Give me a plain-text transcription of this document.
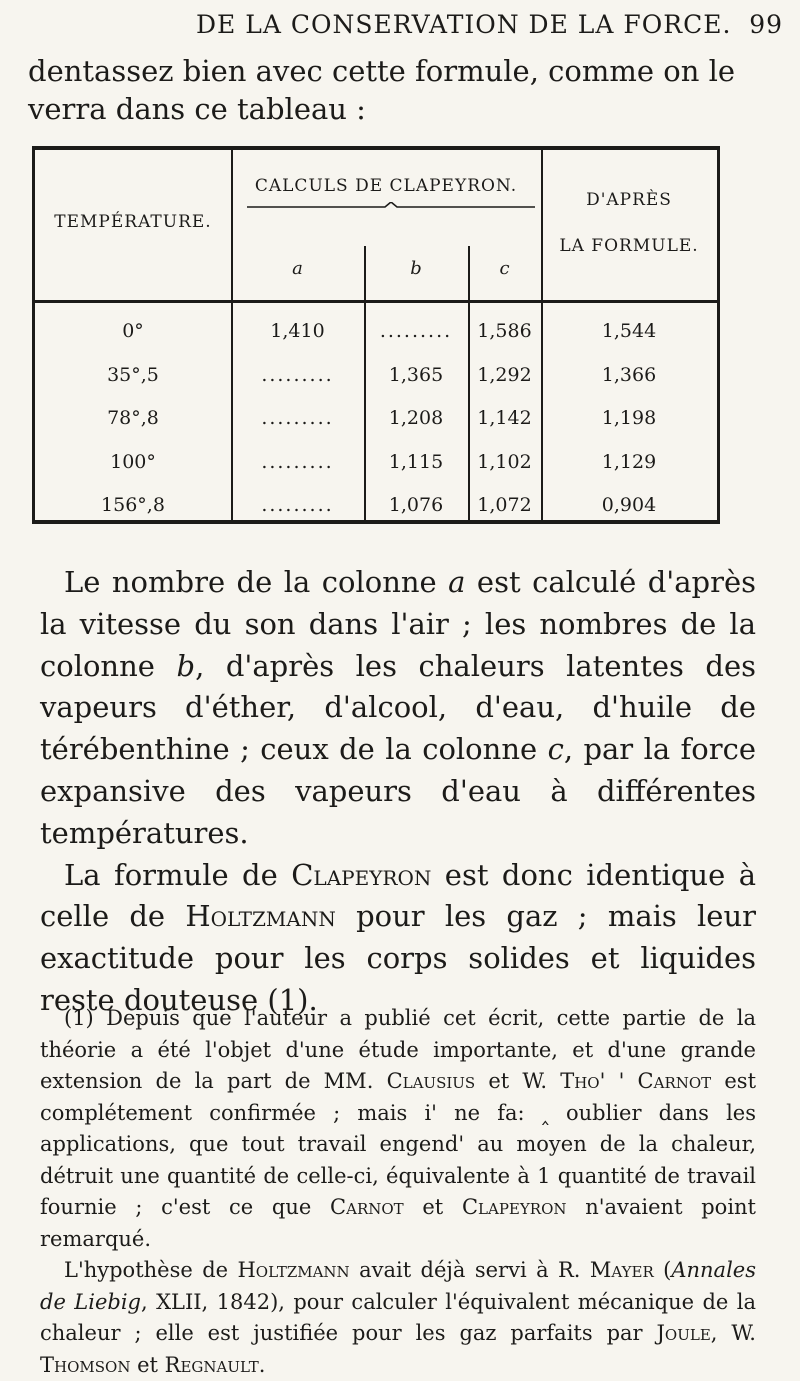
DE LA CONSERVATION DE LA FORCE. 99
dentassez bien avec cette formule, comme on le verra dans ce tableau :
TEMPÉRATURE.
CALCULS DE CLAPEYRON.
a	b	c
D'APRÈS
LA FORMULE.
0°	1,410	.........	1,586	1,544
35°,5	.........	1,365	1,292	1,366
78°,8	.........	1,208	1,142	1,198
100°	.........	1,115	1,102	1,129
156°,8	.........	1,076	1,072	0,904

Le nombre de la colonne a est calculé d'après la vitesse du son dans l'air ; les nombres de la colonne b, d'après les chaleurs latentes des vapeurs d'éther, d'alcool, d'eau, d'huile de térébenthine ; ceux de la colonne c, par la force expansive des vapeurs d'eau à différentes températures.

La formule de Clapeyron est donc identique à celle de Holtzmann pour les gaz ; mais leur exactitude pour les corps solides et liquides reste douteuse (1).

(1) Depuis que l'auteur a publié cet écrit, cette partie de la théorie a été l'objet d'une étude importante, et d'une grande extension de la part de MM. Clausius et W. Tho' ' Carnot est complétement confirmée ; mais i' ne fa: ‸ oublier dans les applications, que tout travail engend' au moyen de la chaleur, détruit une quantité de celle-ci, équivalente à 1 quantité de travail fournie ; c'est ce que Carnot et Clapeyron n'avaient point remarqué.

L'hypothèse de Holtzmann avait déjà servi à R. Mayer (Annales de Liebig, XLII, 1842), pour calculer l'équivalent mécanique de la chaleur ; elle est justifiée pour les gaz parfaits par Joule, W. Thomson et Regnault.
